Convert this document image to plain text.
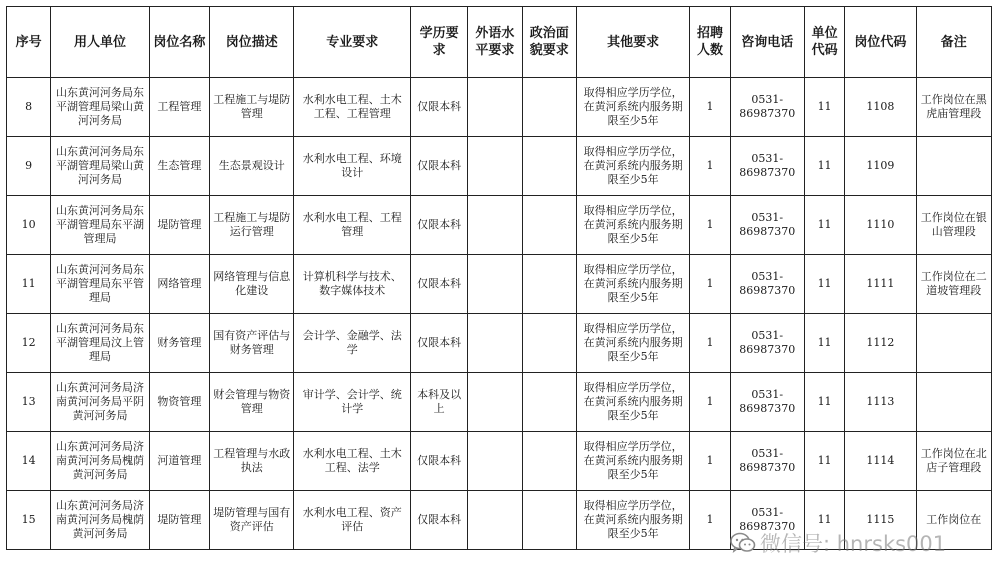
序号	用人单位	岗位名称	岗位描述	专业要求	学历要求	外语水平要求	政治面貌要求	其他要求	招聘人数	咨询电话	单位代码	岗位代码	备注
8	山东黄河河务局东平湖管理局梁山黄河河务局	工程管理	工程施工与堤防管理	水利水电工程、土木工程、工程管理	仅限本科			取得相应学历学位，在黄河系统内服务期限至少5年	1	0531-86987370	11	1108	工作岗位在黑虎庙管理段
9	山东黄河河务局东平湖管理局梁山黄河河务局	生态管理	生态景观设计	水利水电工程、环境设计	仅限本科			取得相应学历学位，在黄河系统内服务期限至少5年	1	0531-86987370	11	1109	
10	山东黄河河务局东平湖管理局东平湖管理局	堤防管理	工程施工与堤防运行管理	水利水电工程、工程管理	仅限本科			取得相应学历学位，在黄河系统内服务期限至少5年	1	0531-86987370	11	1110	工作岗位在银山管理段
11	山东黄河河务局东平湖管理局东平管理局	网络管理	网络管理与信息化建设	计算机科学与技术、数字媒体技术	仅限本科			取得相应学历学位，在黄河系统内服务期限至少5年	1	0531-86987370	11	1111	工作岗位在二道坡管理段
12	山东黄河河务局东平湖管理局汶上管理局	财务管理	国有资产评估与财务管理	会计学、金融学、法学	仅限本科			取得相应学历学位，在黄河系统内服务期限至少5年	1	0531-86987370	11	1112	
13	山东黄河河务局济南黄河河务局平阴黄河河务局	物资管理	财会管理与物资管理	审计学、会计学、统计学	本科及以上			取得相应学历学位，在黄河系统内服务期限至少5年	1	0531-86987370	11	1113	
14	山东黄河河务局济南黄河河务局槐荫黄河河务局	河道管理	工程管理与水政执法	水利水电工程、土木工程、法学	仅限本科			取得相应学历学位，在黄河系统内服务期限至少5年	1	0531-86987370	11	1114	工作岗位在北店子管理段
15	山东黄河河务局济南黄河河务局槐荫黄河河务局	堤防管理	堤防管理与国有资产评估	水利水电工程、资产评估	仅限本科			取得相应学历学位，在黄河系统内服务期限至少5年	1	0531-86987370	11	1115	工作岗位在
微信号: hnrsks001
